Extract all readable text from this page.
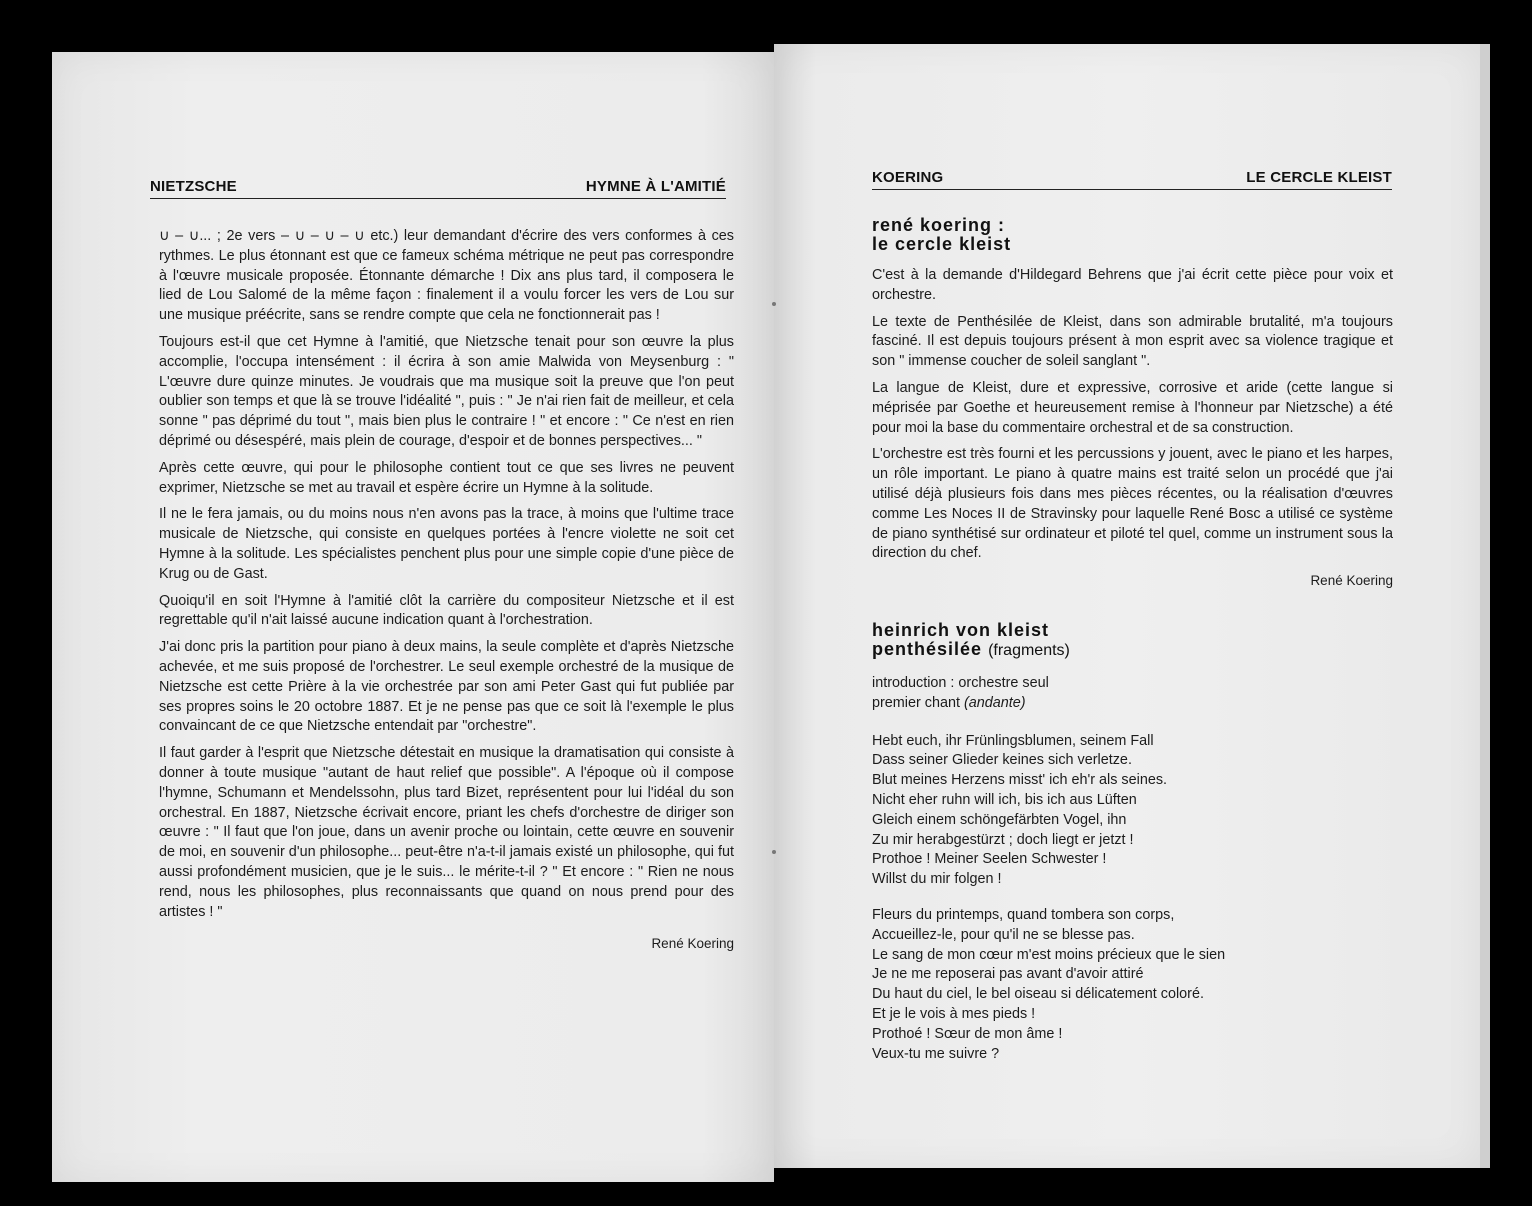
NIETZSCHE	HYMNE À L'AMITIÉ

∪ – ∪... ; 2e vers – ∪ – ∪ – ∪ etc.) leur demandant d'écrire des vers conformes à ces rythmes. Le plus étonnant est que ce fameux schéma métrique ne peut pas correspondre à l'œuvre musicale proposée. Étonnante démarche ! Dix ans plus tard, il composera le lied de Lou Salomé de la même façon : finalement il a voulu forcer les vers de Lou sur une musique préécrite, sans se rendre compte que cela ne fonctionnerait pas !

Toujours est-il que cet Hymne à l'amitié, que Nietzsche tenait pour son œuvre la plus accomplie, l'occupa intensément : il écrira à son amie Malwida von Meysenburg : " L'œuvre dure quinze minutes. Je voudrais que ma musique soit la preuve que l'on peut oublier son temps et que là se trouve l'idéalité ", puis : " Je n'ai rien fait de meilleur, et cela sonne " pas déprimé du tout ", mais bien plus le contraire ! " et encore : " Ce n'est en rien déprimé ou désespéré, mais plein de courage, d'espoir et de bonnes perspectives... "

Après cette œuvre, qui pour le philosophe contient tout ce que ses livres ne peuvent exprimer, Nietzsche se met au travail et espère écrire un Hymne à la solitude.

Il ne le fera jamais, ou du moins nous n'en avons pas la trace, à moins que l'ultime trace musicale de Nietzsche, qui consiste en quelques portées à l'encre violette ne soit cet Hymne à la solitude. Les spécialistes penchent plus pour une simple copie d'une pièce de Krug ou de Gast.

Quoiqu'il en soit l'Hymne à l'amitié clôt la carrière du compositeur Nietzsche et il est regrettable qu'il n'ait laissé aucune indication quant à l'orchestration.

J'ai donc pris la partition pour piano à deux mains, la seule complète et d'après Nietzsche achevée, et me suis proposé de l'orchestrer. Le seul exemple orchestré de la musique de Nietzsche est cette Prière à la vie orchestrée par son ami Peter Gast qui fut publiée par ses propres soins le 20 octobre 1887. Et je ne pense pas que ce soit là l'exemple le plus convaincant de ce que Nietzsche entendait par "orchestre".

Il faut garder à l'esprit que Nietzsche détestait en musique la dramatisation qui consiste à donner à toute musique "autant de haut relief que possible". A l'époque où il compose l'hymne, Schumann et Mendelssohn, plus tard Bizet, représentent pour lui l'idéal du son orchestral. En 1887, Nietzsche écrivait encore, priant les chefs d'orchestre de diriger son œuvre : " Il faut que l'on joue, dans un avenir proche ou lointain, cette œuvre en souvenir de moi, en souvenir d'un philosophe... peut-être n'a-t-il jamais existé un philosophe, qui fut aussi profondément musicien, que je le suis... le mérite-t-il ? " Et encore : " Rien ne nous rend, nous les philosophes, plus reconnaissants que quand on nous prend pour des artistes ! "

René Koering
KOERING	LE CERCLE KLEIST
rené koering :
le cercle kleist

C'est à la demande d'Hildegard Behrens que j'ai écrit cette pièce pour voix et orchestre.

Le texte de Penthésilée de Kleist, dans son admirable brutalité, m'a toujours fasciné. Il est depuis toujours présent à mon esprit avec sa violence tragique et son " immense coucher de soleil sanglant ".

La langue de Kleist, dure et expressive, corrosive et aride (cette langue si méprisée par Goethe et heureusement remise à l'honneur par Nietzsche) a été pour moi la base du commentaire orchestral et de sa construction.

L'orchestre est très fourni et les percussions y jouent, avec le piano et les harpes, un rôle important. Le piano à quatre mains est traité selon un procédé que j'ai utilisé déjà plusieurs fois dans mes pièces récentes, ou la réalisation d'œuvres comme Les Noces II de Stravinsky pour laquelle René Bosc a utilisé ce système de piano synthétisé sur ordinateur et piloté tel quel, comme un instrument sous la direction du chef.

René Koering
heinrich von kleist
penthésilée (fragments)
introduction : orchestre seul
premier chant (andante)
Hebt euch, ihr Frünlingsblumen, seinem Fall
Dass seiner Glieder keines sich verletze.
Blut meines Herzens misst' ich eh'r als seines.
Nicht eher ruhn will ich, bis ich aus Lüften
Gleich einem schöngefärbten Vogel, ihn
Zu mir herabgestürzt ; doch liegt er jetzt !
Prothoe ! Meiner Seelen Schwester !
Willst du mir folgen !
Fleurs du printemps, quand tombera son corps,
Accueillez-le, pour qu'il ne se blesse pas.
Le sang de mon cœur m'est moins précieux que le sien
Je ne me reposerai pas avant d'avoir attiré
Du haut du ciel, le bel oiseau si délicatement coloré.
Et je le vois à mes pieds !
Prothoé ! Sœur de mon âme !
Veux-tu me suivre ?
